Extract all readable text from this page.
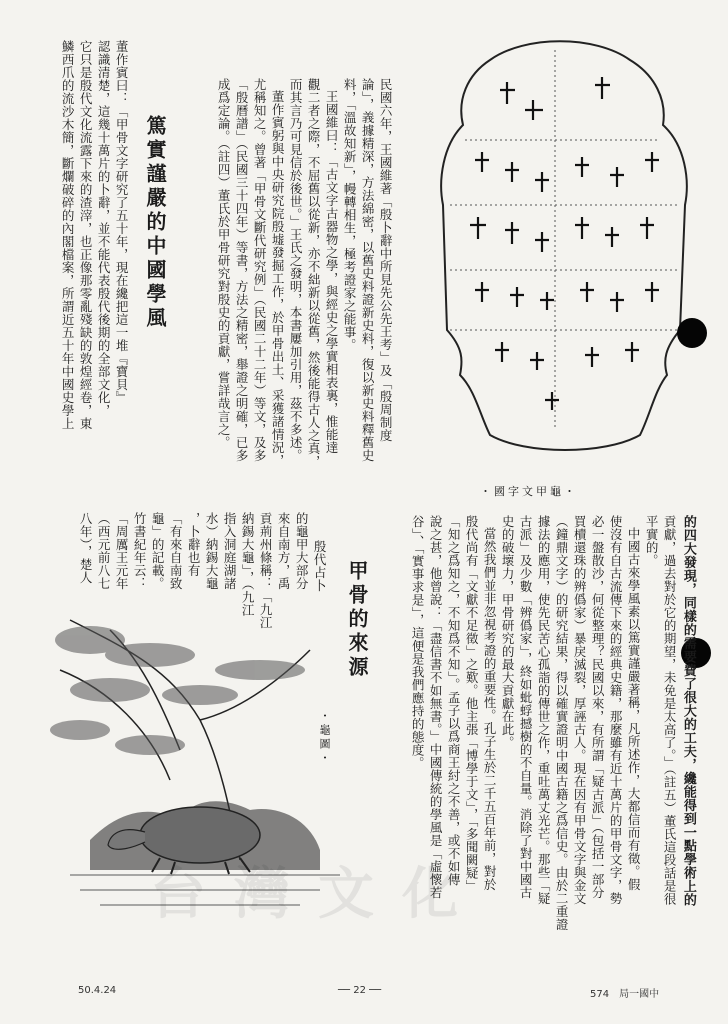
・國字文甲龜・
民國六年，王國維著「殷卜辭中所見先公先王考」及「殷周制度
論」，義據精深，方法綿密，以舊史料證新史料，復以新史料釋舊史
料，「溫故知新」，幔轉相生，極考證家之能事。
王國維曰：「古文字古器物之學，與經史之學實相表裏，惟能達
觀二者之際，不屈舊以從新，亦不絀新以從舊，然後能得古人之真，
而其言乃可見信於後世。」王氏之發明，本書屢加引用，茲不多述。
董作賓躬與中央研究院殷墟發掘工作，於甲骨出土、采獲諸情況，
尤稱知之。曾著「甲骨文斷代研究例」（民國二十二年）等文，及多
「殷曆譜」（民國三十四年）等書，方法之精密，舉證之明確，已多
成爲定論。（註四）董氏於甲骨研究對殷史的貢獻，嘗詳哉言之。
篤實謹嚴的中國學風
董作賓曰：「甲骨文字研究了五十年，現在纔把這一堆『寶貝』
認識清楚，這幾十萬片的卜辭，並不能代表殷代後期的全部文化，
它只是殷代文化流露下來的渣滓，也正像那零亂殘缺的敦煌經卷，東
鱗西爪的流沙木簡，斷爛破碎的內閣檔案，所謂近五十年中國史學上
的四大發現，同樣的需要費了很大的工夫，纔能得到一點學術上的
貢獻，過去對於它的期望，未免是太高了。」（註五）董氏這段話是很
平實的。
中國古來學風素以篤實謹嚴著稱，凡所述作，大都信而有徵。假
使沒有自古流傳下來的經典史籍，那麼雖有近十萬片的甲骨文字，勢
必一盤散沙，何從整理？民國以來，有所謂「疑古派」（包括一部分
買櫝還珠的辨僞家）暴戾滅裂，厚誣古人。現在因有甲骨文字與金文
（鐘鼎文字）的研究結果，得以確實證明中國古籍之爲信史。由於二重證
據法的應用，使先民苦心孤詣的傳世之作，重吐萬丈光芒。那些「疑
古派」及少數「辨僞家」，終如蚍蜉撼樹的不自量。消除了對中國古
史的破壞力，甲骨研究的最大貢獻在此。
當然我們並非忽視考證的重要性。孔子生於二千五百年前，對於
殷代尚有「文獻不足徵」之歎。他主張「博學于文」，「多聞闕疑」
「知之爲知之，不知爲不知」。孟子以爲商王紂之不善，或不如傳
說之甚，他曾說：「盡信書不如無書。」中國傳統的學風是「虛懷若
谷」、「實事求是」，這便是我們應持的態度。
甲骨的來源
・龜圖・
殷代占卜
的龜甲大部分
來自南方，禹
貢荊州條稱：「九江
納錫大龜」，（九江
指入洞庭湖諸
水）納錫大龜
，卜辭也有
「有來自南致
龜」的記載。
竹書紀年云：
「周厲王元年
（西元前八七
八年），楚人
台灣文化
50.4.24	── 22 ──	574　局一國中
